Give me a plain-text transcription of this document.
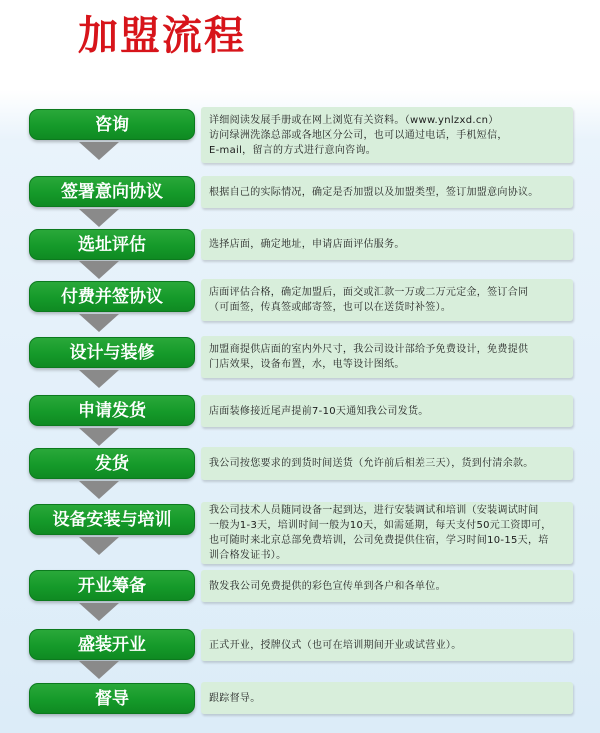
加盟流程
咨询	详细阅读发展手册或在网上浏览有关资料。（www.ynlzxd.cn）
访问绿洲洗涤总部或各地区分公司，也可以通过电话，手机短信，
E-mail，留言的方式进行意向咨询。
签署意向协议	根据自己的实际情况，确定是否加盟以及加盟类型，签订加盟意向协议。
选址评估	选择店面，确定地址，申请店面评估服务。
付费并签协议	店面评估合格，确定加盟后，面交或汇款一万或二万元定金，签订合同
（可面签，传真签或邮寄签，也可以在送货时补签）。
设计与装修	加盟商提供店面的室内外尺寸，我公司设计部给予免费设计，免费提供
门店效果，设备布置，水，电等设计图纸。
申请发货	店面装修接近尾声提前7-10天通知我公司发货。
发货	我公司按您要求的到货时间送货（允许前后相差三天），货到付清余款。
设备安装与培训	我公司技术人员随同设备一起到达，进行安装调试和培训（安装调试时间
一般为1-3天，培训时间一般为10天，如需延期，每天支付50元工资即可，
也可随时来北京总部免费培训，公司免费提供住宿，学习时间10-15天，培
训合格发证书）。
开业筹备	散发我公司免费提供的彩色宣传单到各户和各单位。
盛装开业	正式开业，授牌仪式（也可在培训期间开业或试营业）。
督导	跟踪督导。
